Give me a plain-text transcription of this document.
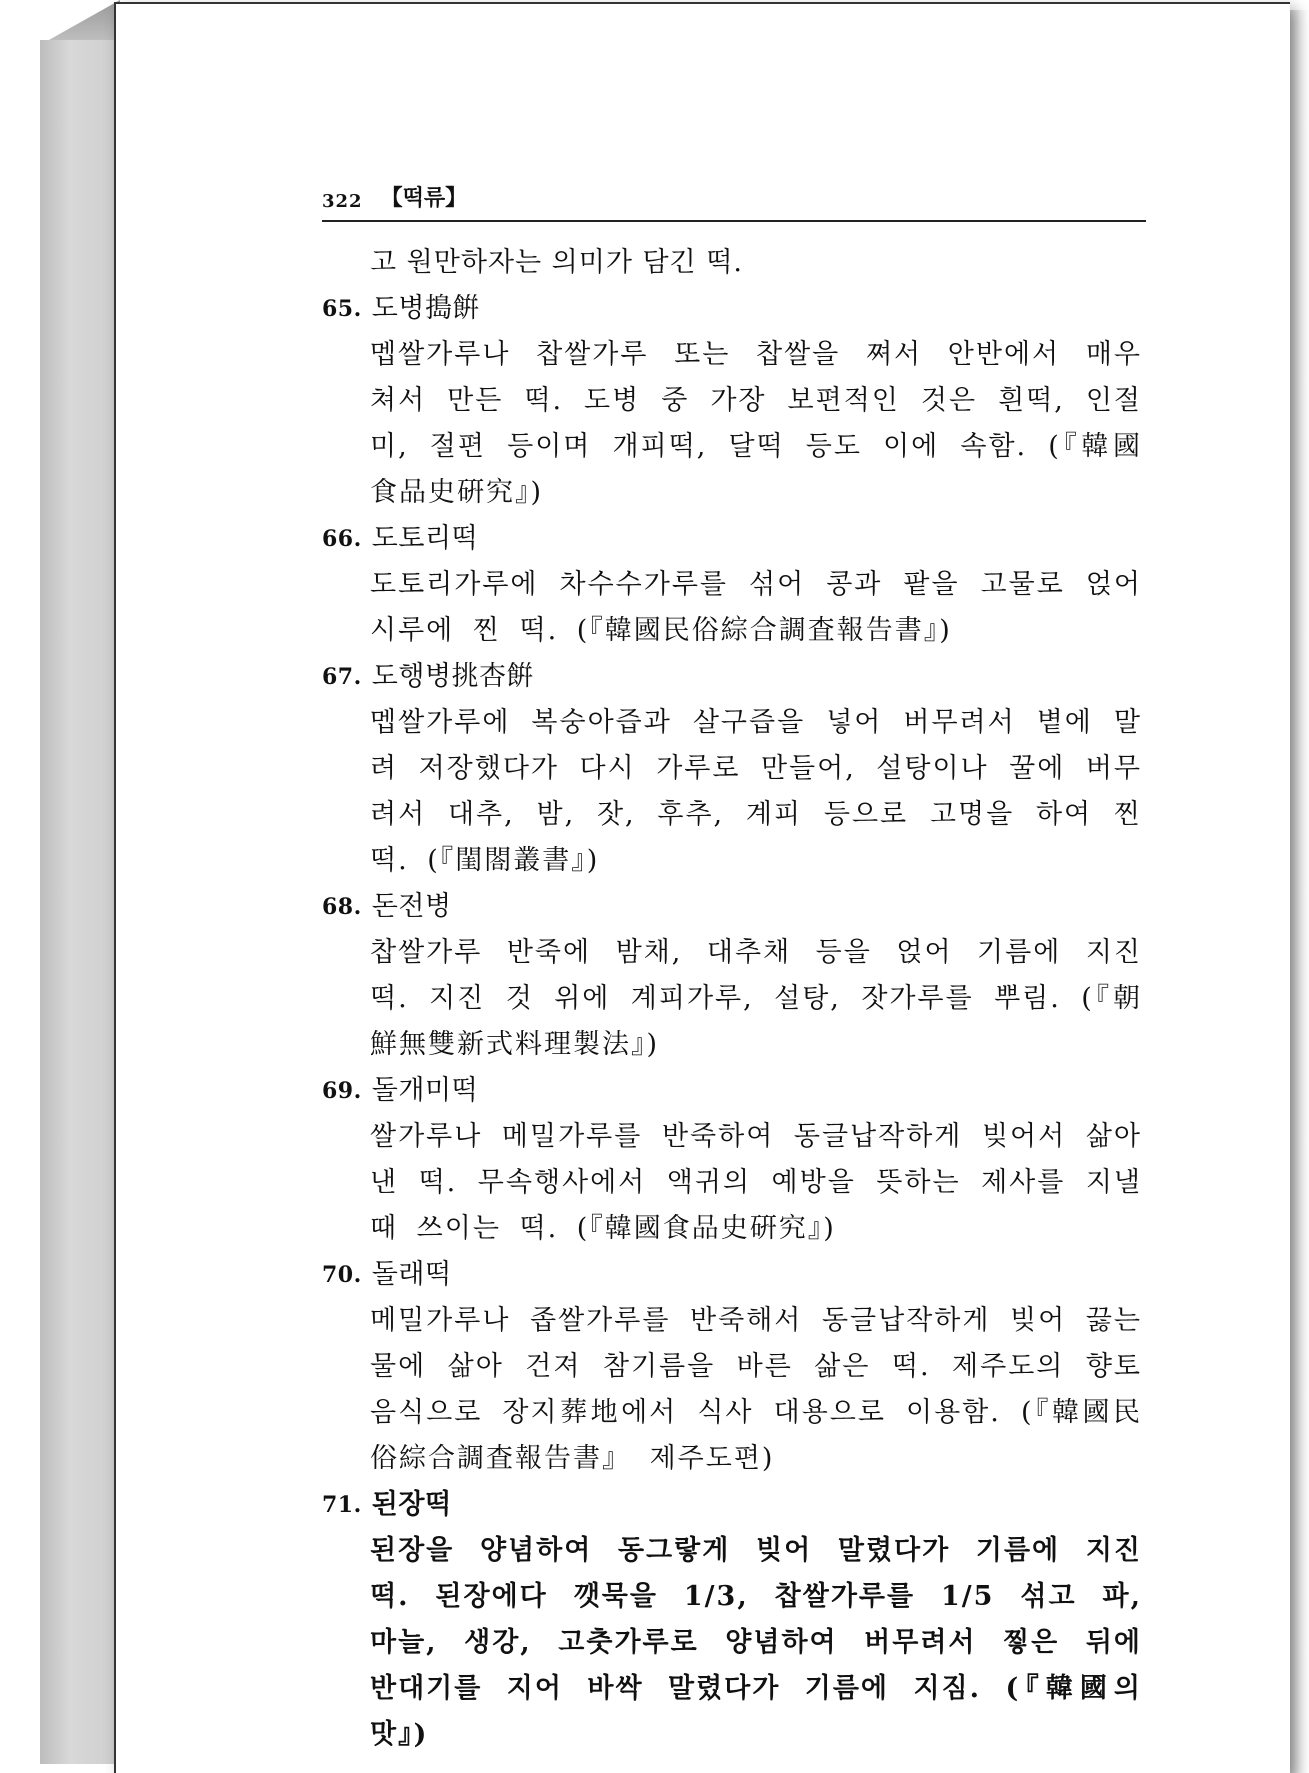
322 【떡류】

고 원만하자는 의미가 담긴 떡.

65. 도병搗餠

멥쌀가루나 찹쌀가루 또는 찹쌀을 쪄서 안반에서 매우 쳐서 만든 떡. 도병 중 가장 보편적인 것은 흰떡, 인절미, 절편 등이며 개피떡, 달떡 등도 이에 속함. (『韓國食品史硏究』)

66. 도토리떡

도토리가루에 차수수가루를 섞어 콩과 팥을 고물로 얹어 시루에 찐 떡. (『韓國民俗綜合調査報告書』)

67. 도행병挑杏餠

멥쌀가루에 복숭아즙과 살구즙을 넣어 버무려서 볕에 말려 저장했다가 다시 가루로 만들어, 설탕이나 꿀에 버무려서 대추, 밤, 잣, 후추, 계피 등으로 고명을 하여 찐 떡. (『閨閤叢書』)

68. 돈전병

찹쌀가루 반죽에 밤채, 대추채 등을 얹어 기름에 지진 떡. 지진 것 위에 계피가루, 설탕, 잣가루를 뿌림. (『朝鮮無雙新式料理製法』)

69. 돌개미떡

쌀가루나 메밀가루를 반죽하여 동글납작하게 빚어서 삶아낸 떡. 무속행사에서 액귀의 예방을 뜻하는 제사를 지낼 때 쓰이는 떡. (『韓國食品史硏究』)

70. 돌래떡

메밀가루나 좁쌀가루를 반죽해서 동글납작하게 빚어 끓는 물에 삶아 건져 참기름을 바른 삶은 떡. 제주도의 향토음식으로 장지葬地에서 식사 대용으로 이용함. (『韓國民俗綜合調査報告書』 제주도편)

71. 된장떡

된장을 양념하여 동그랗게 빚어 말렸다가 기름에 지진 떡. 된장에다 깻묵을 1/3, 찹쌀가루를 1/5 섞고 파, 마늘, 생강, 고춧가루로 양념하여 버무려서 찧은 뒤에 반대기를 지어 바싹 말렸다가 기름에 지짐. (『韓國의 맛』)
